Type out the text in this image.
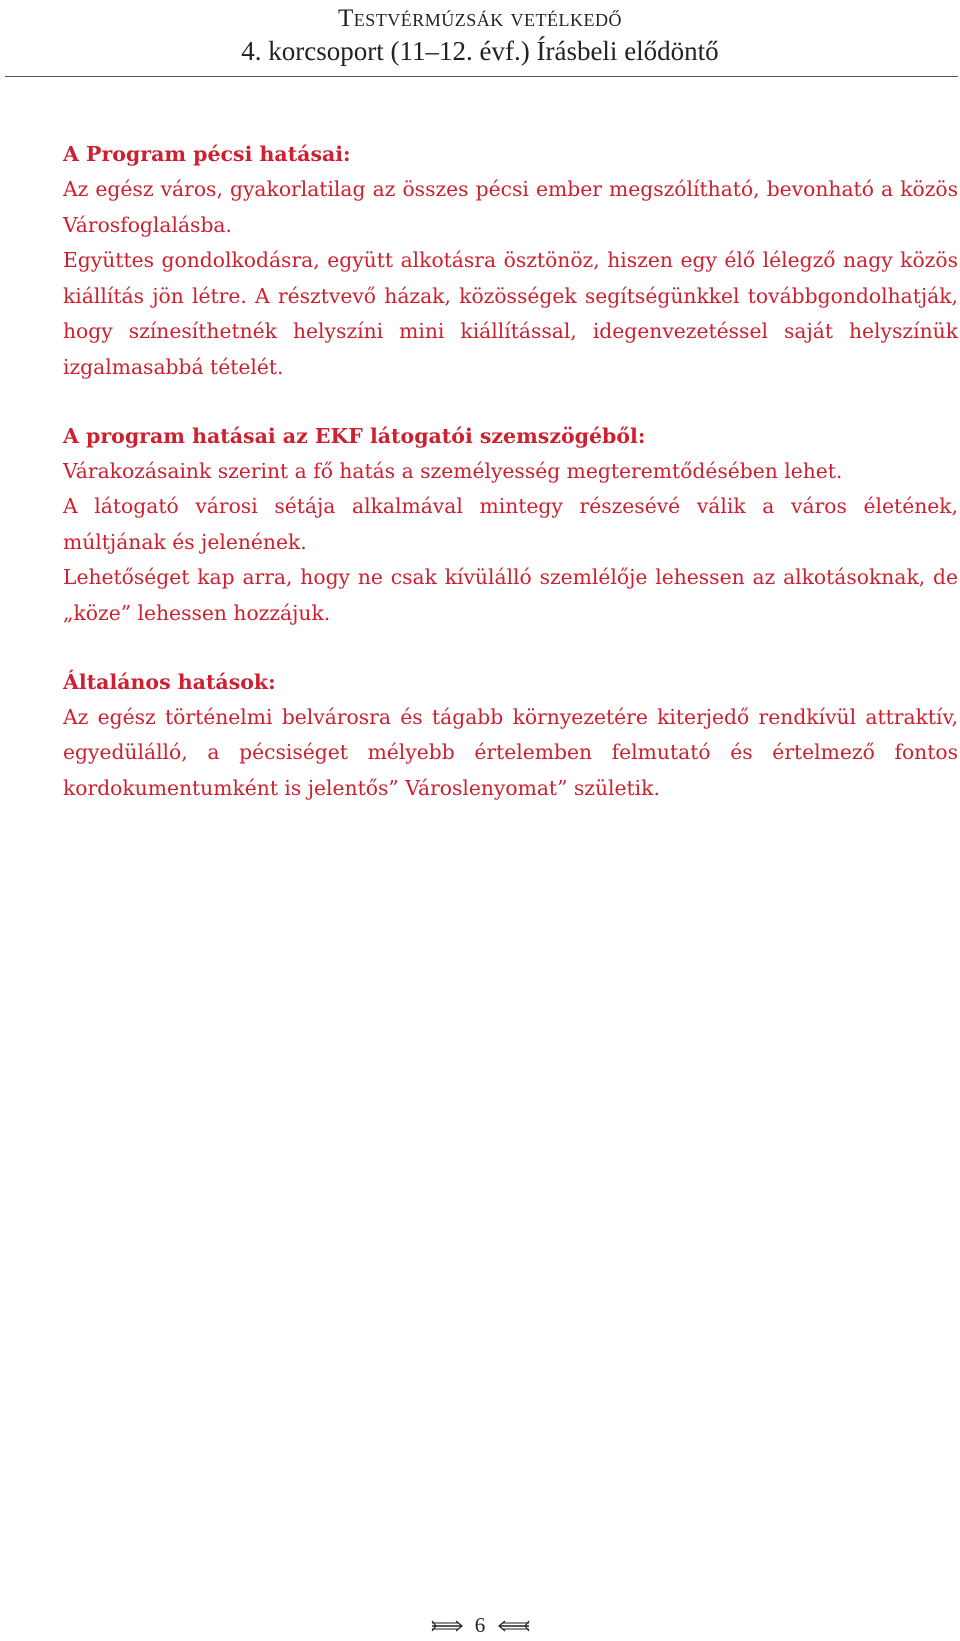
Testvérmúzsák vetélkedő
4. korcsoport (11–12. évf.) Írásbeli elődöntő
A Program pécsi hatásai:

Az egész város, gyakorlatilag az összes pécsi ember megszólítható, bevonható a közös Városfoglalásba.

Együttes gondolkodásra, együtt alkotásra ösztönöz, hiszen egy élő lélegző nagy közös kiállítás jön létre. A résztvevő házak, közösségek segítségünkkel továbbgondolhatják, hogy színesíthetnék helyszíni mini kiállítással, idegenvezetéssel saját helyszínük izgalmasabbá tételét.

A program hatásai az EKF látogatói szemszögéből:

Várakozásaink szerint a fő hatás a személyesség megteremtődésében lehet.

A látogató városi sétája alkalmával mintegy részesévé válik a város életének, múltjának és jelenének.

Lehetőséget kap arra, hogy ne csak kívülálló szemlélője lehessen az alkotásoknak, de „köze” lehessen hozzájuk.

Általános hatások:

Az egész történelmi belvárosra és tágabb környezetére kiterjedő rendkívül attraktív, egyedülálló, a pécsiséget mélyebb értelemben felmutató és értelmező fontos kordokumentumként is jelentős” Városlenyomat” születik.

6
